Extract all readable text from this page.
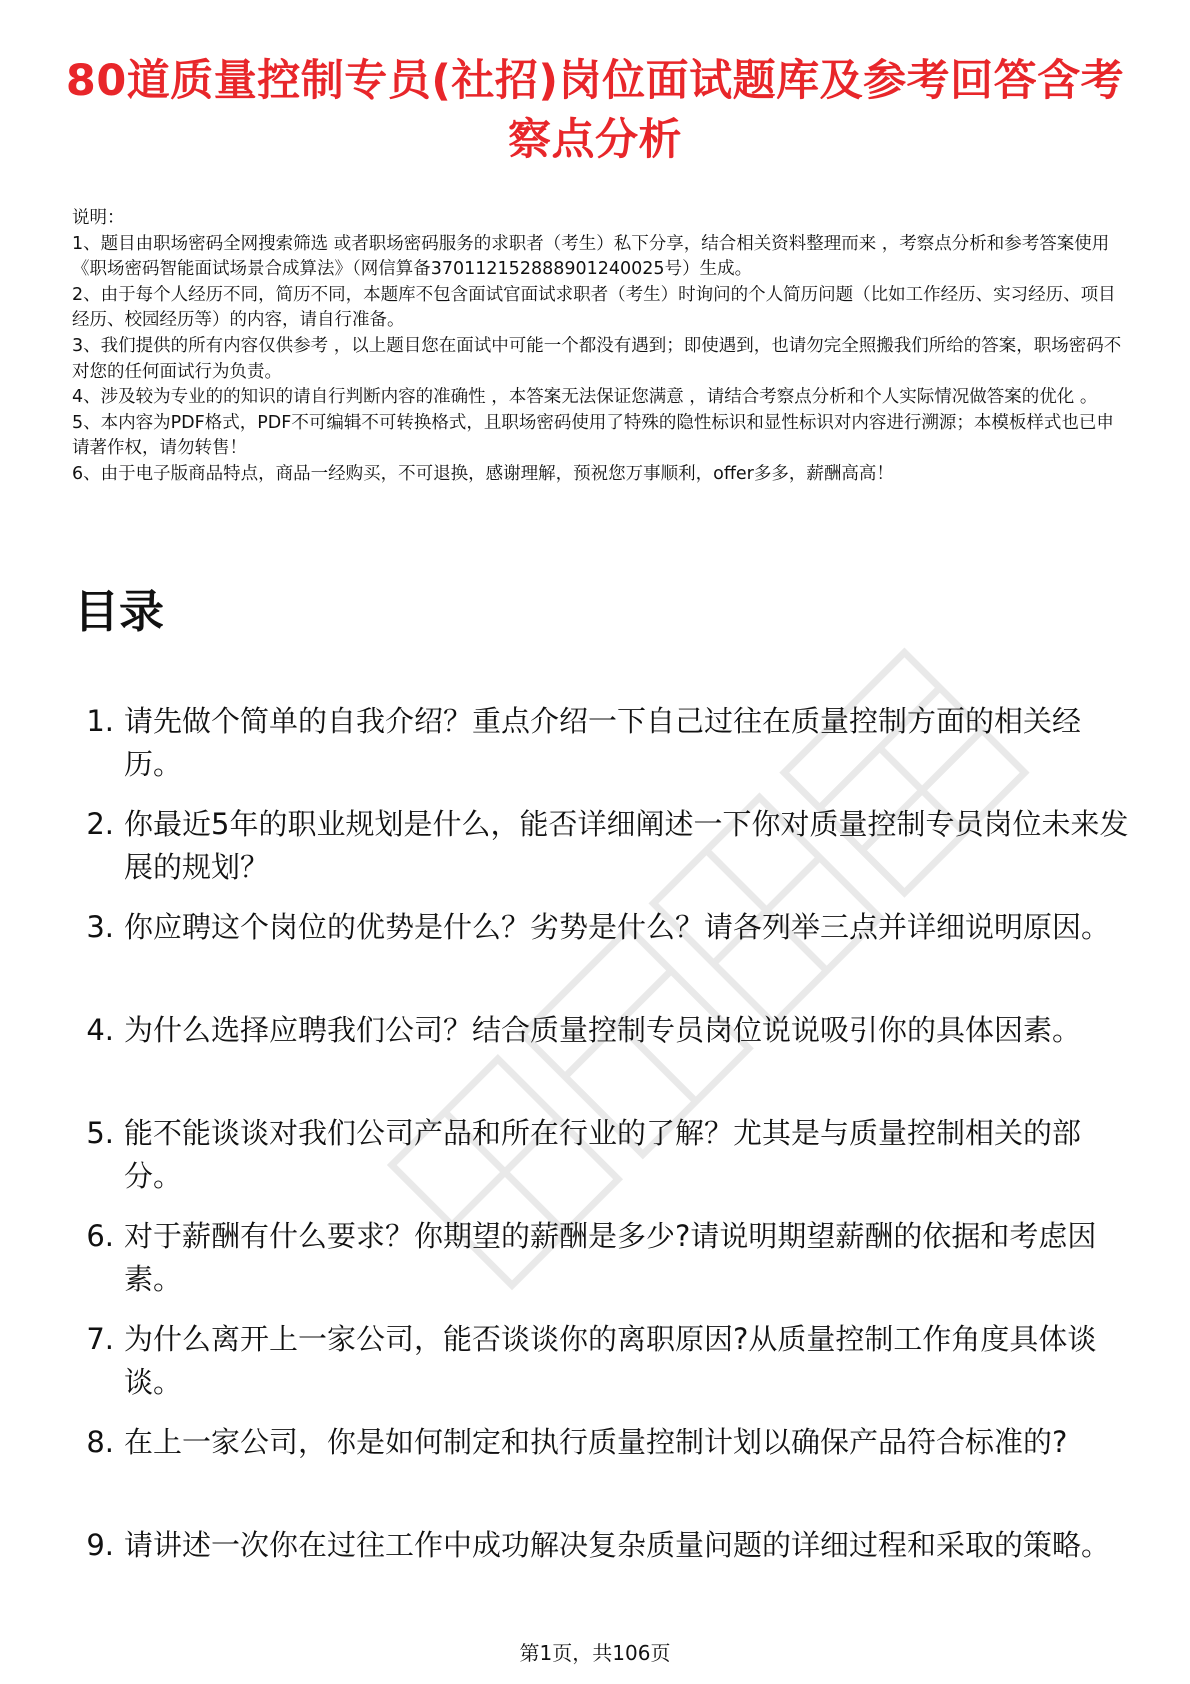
80道质量控制专员(社招)岗位面试题库及参考回答含考察点分析
说明：

1、题目由职场密码全网搜索筛选 或者职场密码服务的求职者（考生）私下分享，结合相关资料整理而来 ，考察点分析和参考答案使用《职场密码智能面试场景合成算法》（网信算备370112152888901240025号）生成。

2、由于每个人经历不同，简历不同，本题库不包含面试官面试求职者（考生）时询问的个人简历问题（比如工作经历、实习经历、项目经历、校园经历等）的内容，请自行准备。

3、我们提供的所有内容仅供参考 ，以上题目您在面试中可能一个都没有遇到；即使遇到，也请勿完全照搬我们所给的答案，职场密码不对您的任何面试行为负责。

4、涉及较为专业的的知识的请自行判断内容的准确性 ，本答案无法保证您满意 ，请结合考察点分析和个人实际情况做答案的优化 。

5、本内容为PDF格式，PDF不可编辑不可转换格式，且职场密码使用了特殊的隐性标识和显性标识对内容进行溯源；本模板样式也已申请著作权，请勿转售！

6、由于电子版商品特点，商品一经购买，不可退换，感谢理解，预祝您万事顺利，offer多多，薪酬高高！

目录
1. 请先做个简单的自我介绍？重点介绍一下自己过往在质量控制方面的相关经历。
2. 你最近5年的职业规划是什么，能否详细阐述一下你对质量控制专员岗位未来发展的规划？
3. 你应聘这个岗位的优势是什么？劣势是什么？请各列举三点并详细说明原因。
4. 为什么选择应聘我们公司？结合质量控制专员岗位说说吸引你的具体因素。
5. 能不能谈谈对我们公司产品和所在行业的了解？尤其是与质量控制相关的部分。
6. 对于薪酬有什么要求？你期望的薪酬是多少?请说明期望薪酬的依据和考虑因素。
7. 为什么离开上一家公司，能否谈谈你的离职原因?从质量控制工作角度具体谈谈。
8. 在上一家公司，你是如何制定和执行质量控制计划以确保产品符合标准的?
9. 请讲述一次你在过往工作中成功解决复杂质量问题的详细过程和采取的策略。
第1页，共106页
